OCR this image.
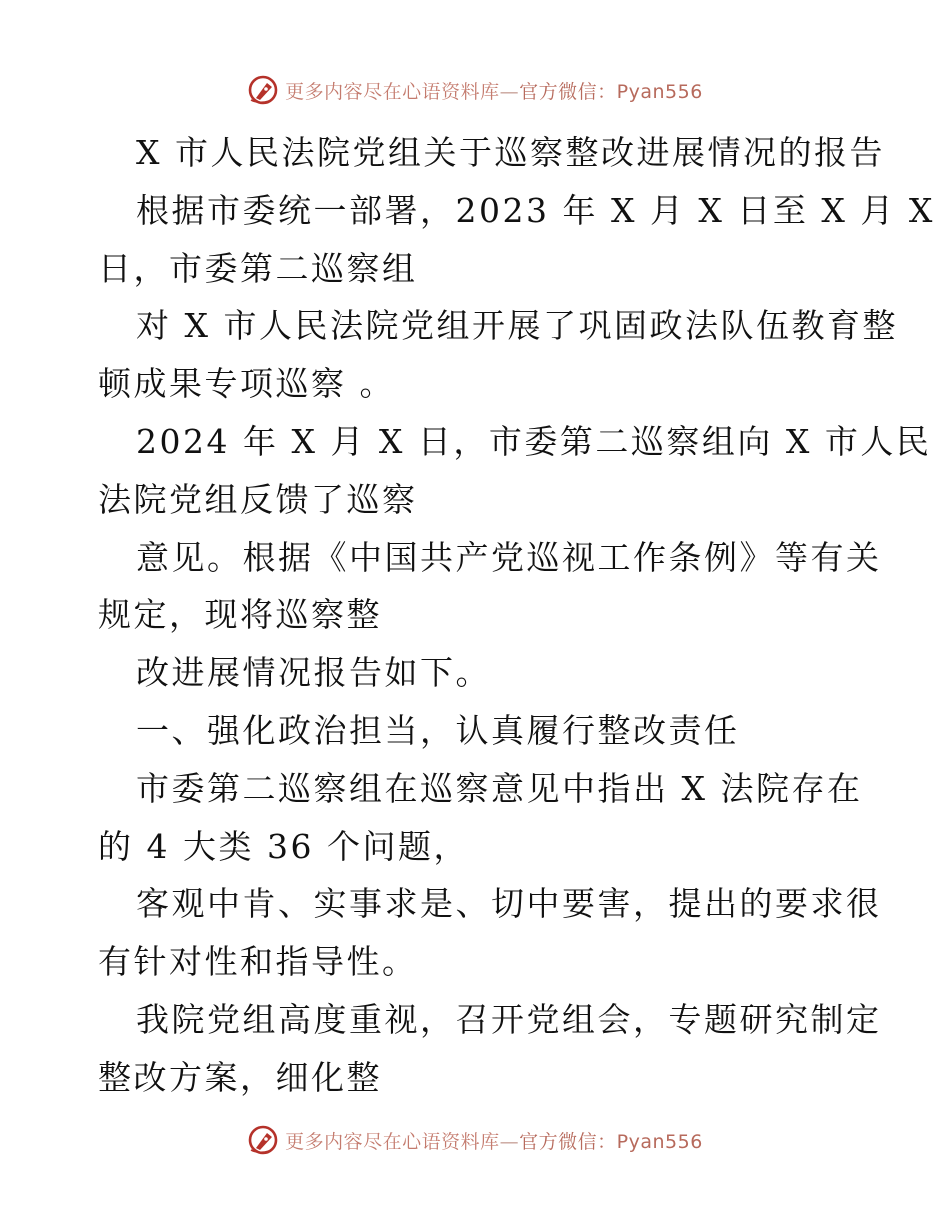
更多内容尽在心语资料库—官方微信：Pyan556
X 市人民法院党组关于巡察整改进展情况的报告
根据市委统一部署，2023 年 X 月 X 日至 X 月 X
日，市委第二巡察组
对 X 市人民法院党组开展了巩固政法队伍教育整
顿成果专项巡察 。
2024 年 X 月 X 日，市委第二巡察组向 X 市人民
法院党组反馈了巡察
意见。根据《中国共产党巡视工作条例》等有关
规定，现将巡察整
改进展情况报告如下。
一、强化政治担当，认真履行整改责任
市委第二巡察组在巡察意见中指出 X 法院存在
的 4 大类 36 个问题，
客观中肯、实事求是、切中要害，提出的要求很
有针对性和指导性。
我院党组高度重视，召开党组会，专题研究制定
整改方案，细化整
更多内容尽在心语资料库—官方微信：Pyan556
